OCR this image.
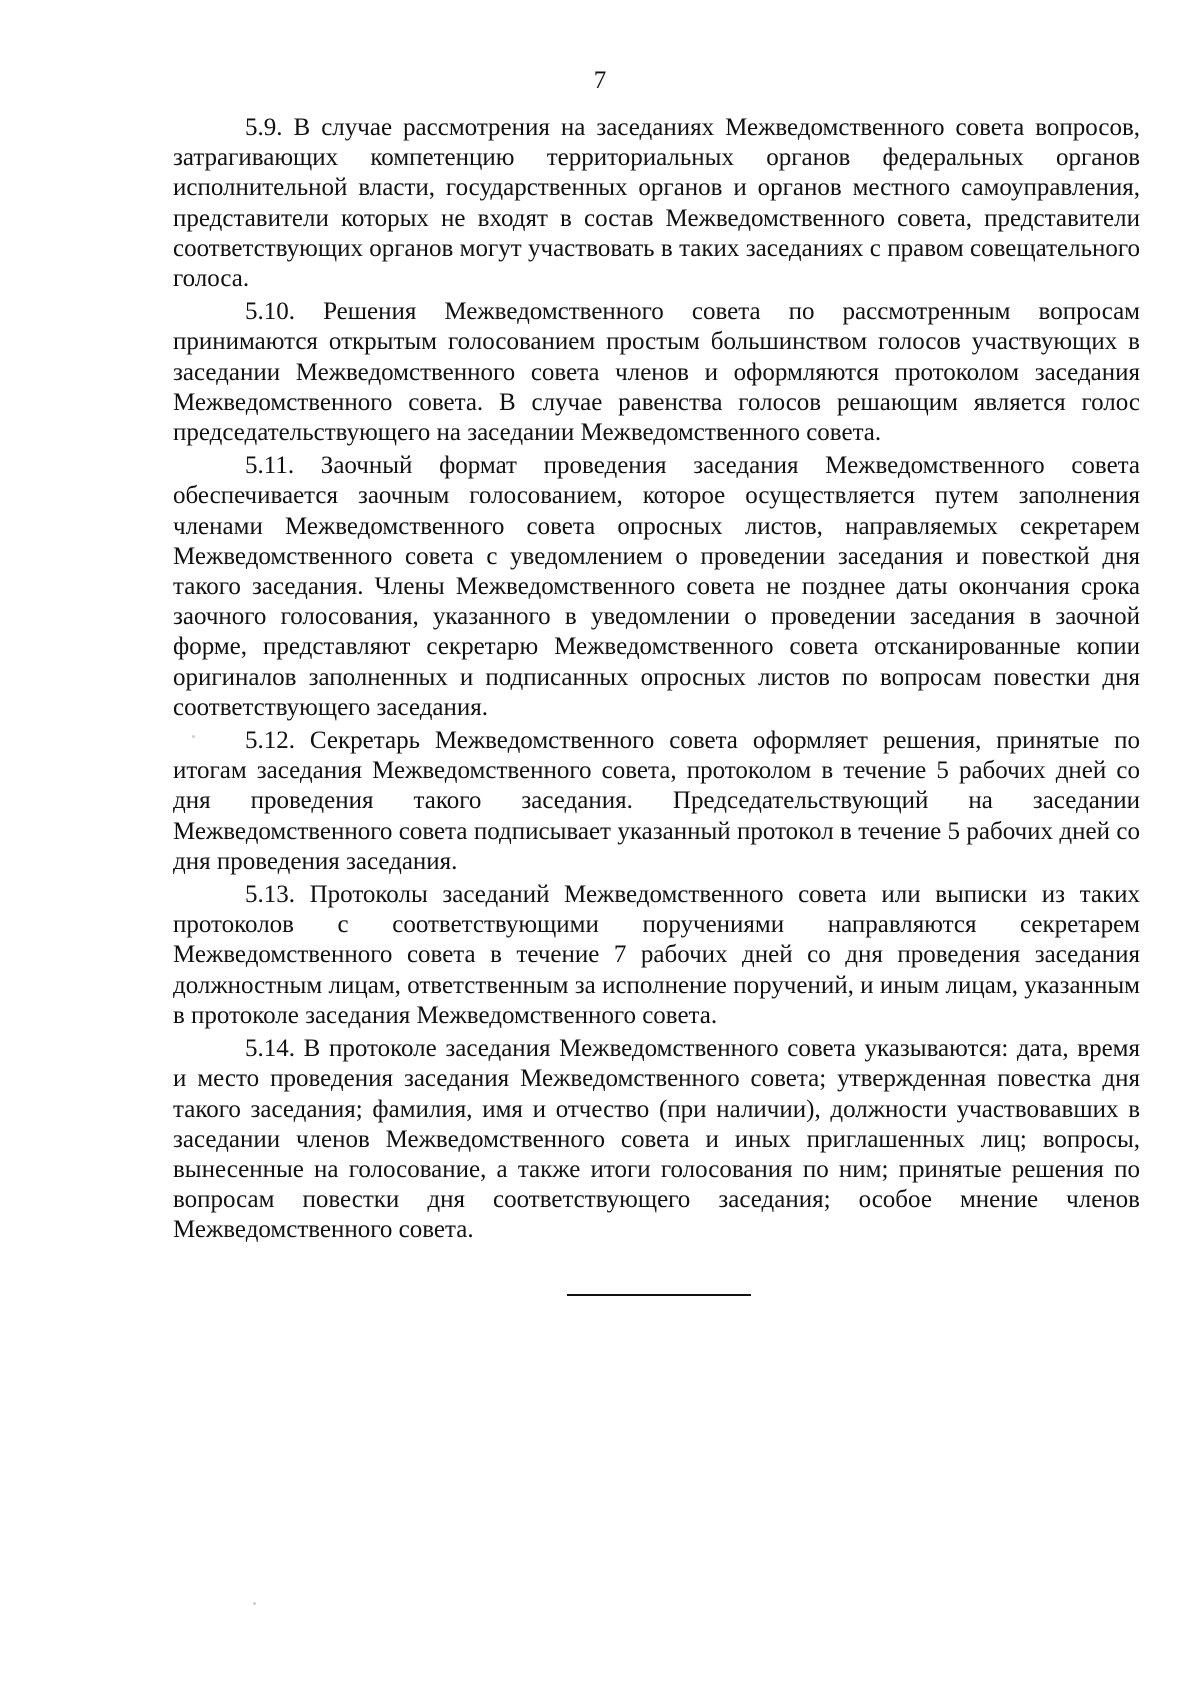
7

5.9. В случае рассмотрения на заседаниях Межведомственного совета вопросов, затрагивающих компетенцию территориальных органов федеральных органов исполнительной власти, государственных органов и органов местного самоуправления, представители которых не входят в состав Межведомственного совета, представители соответствующих органов могут участвовать в таких заседаниях с правом совещательного голоса.

5.10. Решения Межведомственного совета по рассмотренным вопросам принимаются открытым голосованием простым большинством голосов участвующих в заседании Межведомственного совета членов и оформляются протоколом заседания Межведомственного совета. В случае равенства голосов решающим является голос председательствующего на заседании Межведомственного совета.

5.11. Заочный формат проведения заседания Межведомственного совета обеспечивается заочным голосованием, которое осуществляется путем заполнения членами Межведомственного совета опросных листов, направляемых секретарем Межведомственного совета с уведомлением о проведении заседания и повесткой дня такого заседания. Члены Межведомственного совета не позднее даты окончания срока заочного голосования, указанного в уведомлении о проведении заседания в заочной форме, представляют секретарю Межведомственного совета отсканированные копии оригиналов заполненных и подписанных опросных листов по вопросам повестки дня соответствующего заседания.

5.12. Секретарь Межведомственного совета оформляет решения, принятые по итогам заседания Межведомственного совета, протоколом в течение 5 рабочих дней со дня проведения такого заседания. Председательствующий на заседании Межведомственного совета подписывает указанный протокол в течение 5 рабочих дней со дня проведения заседания.

5.13. Протоколы заседаний Межведомственного совета или выписки из таких протоколов с соответствующими поручениями направляются секретарем Межведомственного совета в течение 7 рабочих дней со дня проведения заседания должностным лицам, ответственным за исполнение поручений, и иным лицам, указанным в протоколе заседания Межведомственного совета.

5.14. В протоколе заседания Межведомственного совета указываются: дата, время и место проведения заседания Межведомственного совета; утвержденная повестка дня такого заседания; фамилия, имя и отчество (при наличии), должности участвовавших в заседании членов Межведомственного совета и иных приглашенных лиц; вопросы, вынесенные на голосование, а также итоги голосования по ним; принятые решения по вопросам повестки дня соответствующего заседания; особое мнение членов Межведомственного совета.
